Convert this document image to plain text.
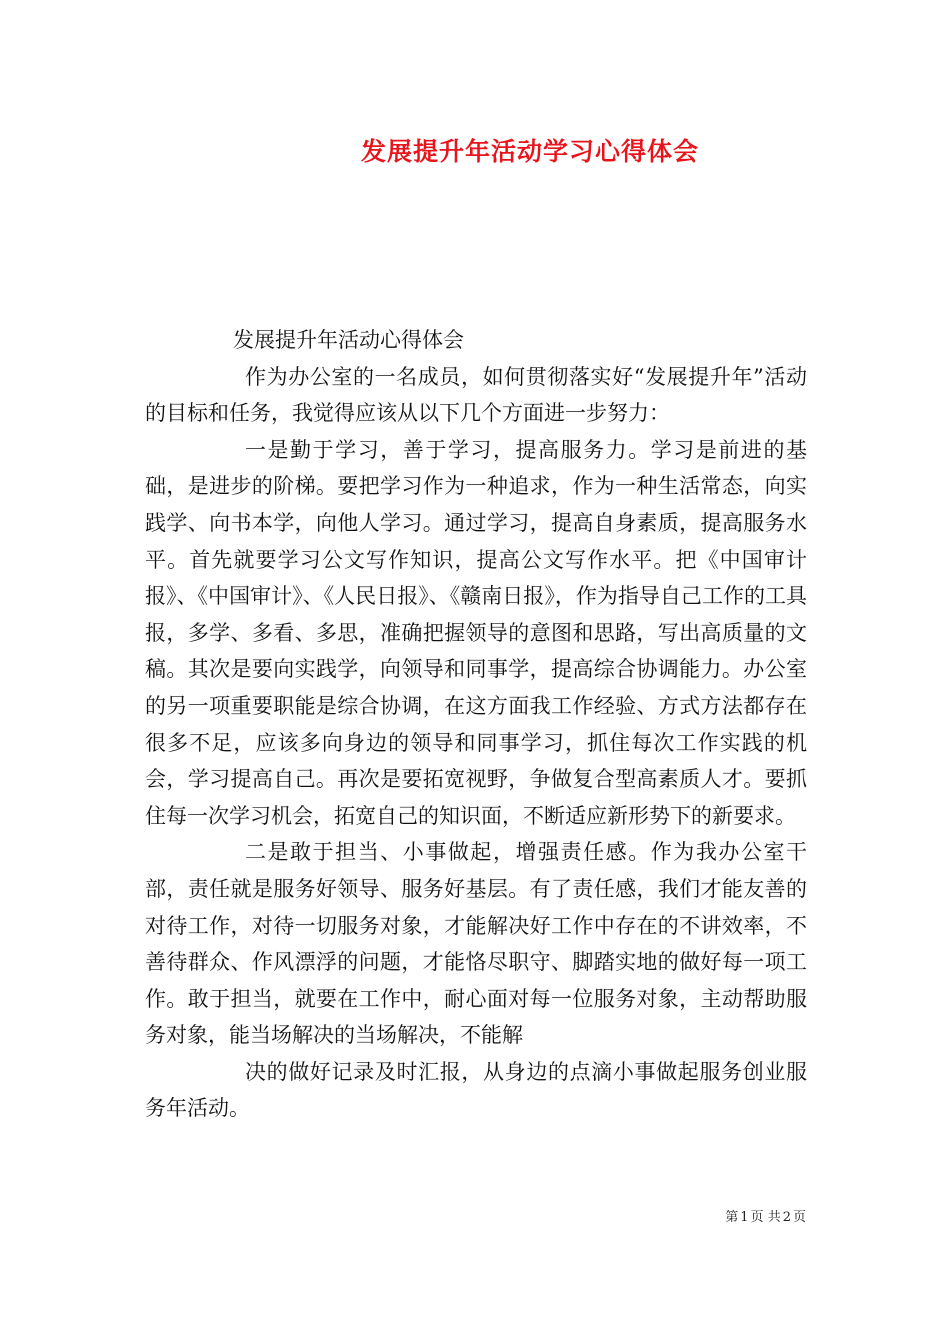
发展提升年活动学习心得体会

发展提升年活动心得体会

作为办公室的一名成员，如何贯彻落实好“发展提升年”活动的目标和任务，我觉得应该从以下几个方面进一步努力：

一是勤于学习，善于学习，提高服务力。学习是前进的基础，是进步的阶梯。要把学习作为一种追求，作为一种生活常态，向实践学、向书本学，向他人学习。通过学习，提高自身素质，提高服务水平。首先就要学习公文写作知识，提高公文写作水平。把《中国审计报》、《中国审计》、《人民日报》、《赣南日报》，作为指导自己工作的工具报，多学、多看、多思，准确把握领导的意图和思路，写出高质量的文稿。其次是要向实践学，向领导和同事学，提高综合协调能力。办公室的另一项重要职能是综合协调，在这方面我工作经验、方式方法都存在很多不足，应该多向身边的领导和同事学习，抓住每次工作实践的机会，学习提高自己。再次是要拓宽视野，争做复合型高素质人才。要抓住每一次学习机会，拓宽自己的知识面，不断适应新形势下的新要求。

二是敢于担当、小事做起，增强责任感。作为我办公室干部，责任就是服务好领导、服务好基层。有了责任感，我们才能友善的对待工作，对待一切服务对象，才能解决好工作中存在的不讲效率，不善待群众、作风漂浮的问题，才能恪尽职守、脚踏实地的做好每一项工作。敢于担当，就要在工作中，耐心面对每一位服务对象，主动帮助服务对象，能当场解决的当场解决，不能解

决的做好记录及时汇报，从身边的点滴小事做起服务创业服务年活动。

第 1 页 共 2 页
